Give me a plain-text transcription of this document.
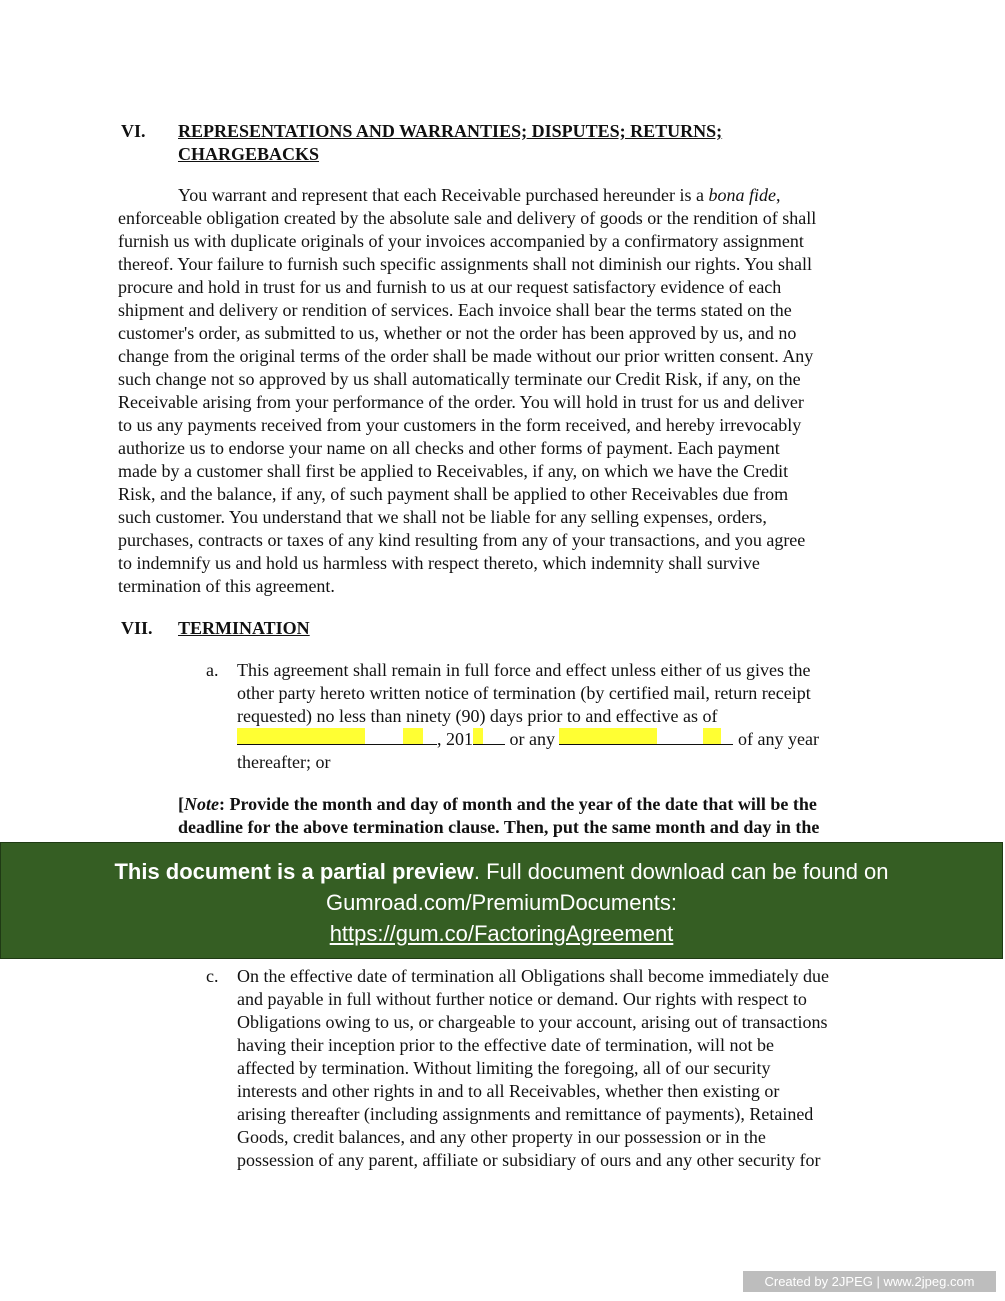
VI. REPRESENTATIONS AND WARRANTIES; DISPUTES; RETURNS;
CHARGEBACKS
You warrant and represent that each Receivable purchased hereunder is a bona fide,
enforceable obligation created by the absolute sale and delivery of goods or the rendition of shall
furnish us with duplicate originals of your invoices accompanied by a confirmatory assignment
thereof. Your failure to furnish such specific assignments shall not diminish our rights. You shall
procure and hold in trust for us and furnish to us at our request satisfactory evidence of each
shipment and delivery or rendition of services. Each invoice shall bear the terms stated on the
customer's order, as submitted to us, whether or not the order has been approved by us, and no
change from the original terms of the order shall be made without our prior written consent. Any
such change not so approved by us shall automatically terminate our Credit Risk, if any, on the
Receivable arising from your performance of the order. You will hold in trust for us and deliver
to us any payments received from your customers in the form received, and hereby irrevocably
authorize us to endorse your name on all checks and other forms of payment. Each payment
made by a customer shall first be applied to Receivables, if any, on which we have the Credit
Risk, and the balance, if any, of such payment shall be applied to other Receivables due from
such customer. You understand that we shall not be liable for any selling expenses, orders,
purchases, contracts or taxes of any kind resulting from any of your transactions, and you agree
to indemnify us and hold us harmless with respect thereto, which indemnity shall survive
termination of this agreement.
VII. TERMINATION
a. This agreement shall remain in full force and effect unless either of us gives the
other party hereto written notice of termination (by certified mail, return receipt
requested) no less than ninety (90) days prior to and effective as of
, 201 or any	of any year
thereafter; or
[Note: Provide the month and day of month and the year of the date that will be the
deadline for the above termination clause. Then, put the same month and day in the
This document is a partial preview. Full document download can be found on
Gumroad.com/PremiumDocuments:
https://gum.co/FactoringAgreement
c. On the effective date of termination all Obligations shall become immediately due
and payable in full without further notice or demand. Our rights with respect to
Obligations owing to us, or chargeable to your account, arising out of transactions
having their inception prior to the effective date of termination, will not be
affected by termination. Without limiting the foregoing, all of our security
interests and other rights in and to all Receivables, whether then existing or
arising thereafter (including assignments and remittance of payments), Retained
Goods, credit balances, and any other property in our possession or in the
possession of any parent, affiliate or subsidiary of ours and any other security for
Created by 2JPEG | www.2jpeg.com
